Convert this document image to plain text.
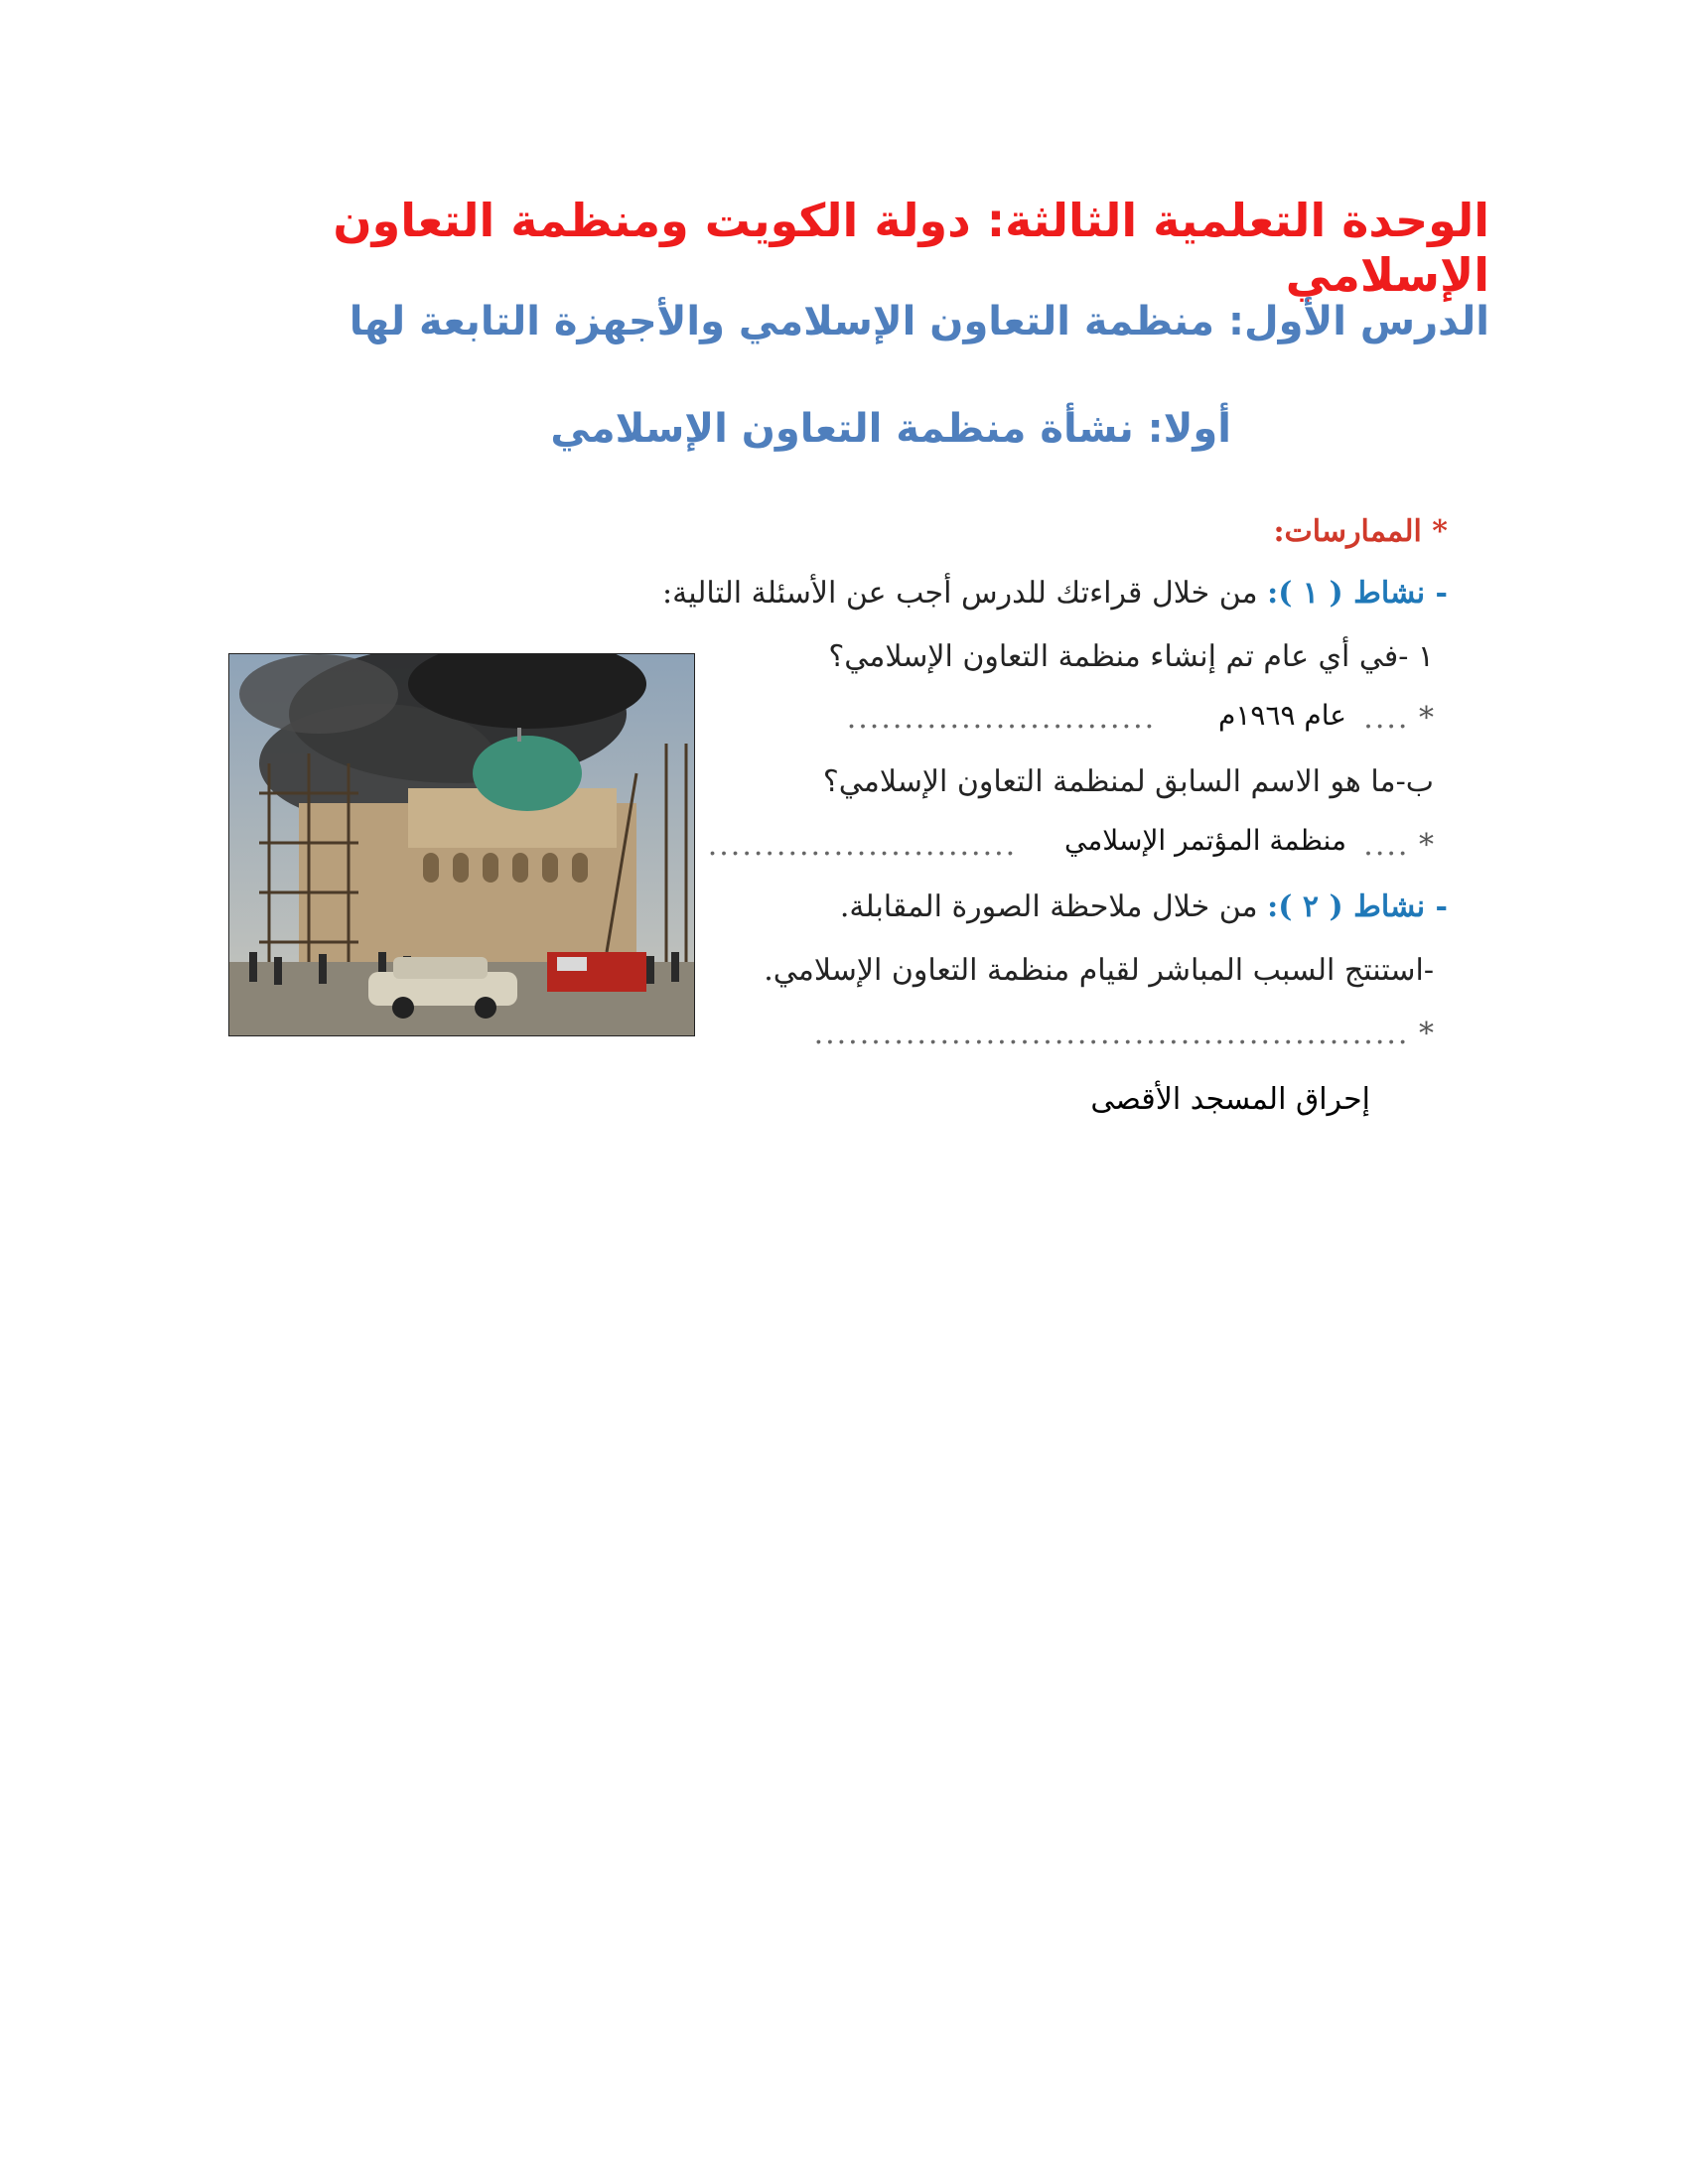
الوحدة التعلمية الثالثة: دولة الكويت ومنظمة التعاون الإسلامي
الدرس الأول: منظمة التعاون الإسلامي والأجهزة التابعة لها
أولا: نشأة منظمة التعاون الإسلامي
* الممارسات:
- نشاط ( ١ ): من خلال قراءتك للدرس أجب عن الأسئلة التالية:
١ -في أي عام تم إنشاء منظمة التعاون الإسلامي؟
* ....  ...........................	عام ١٩٦٩م
ب-ما هو الاسم السابق لمنظمة التعاون الإسلامي؟
* ....  ...........................	منظمة المؤتمر الإسلامي
- نشاط ( ٢ ): من خلال ملاحظة الصورة المقابلة.
-استنتج السبب المباشر لقيام منظمة التعاون الإسلامي.
* ....................................................
إحراق المسجد الأقصى
